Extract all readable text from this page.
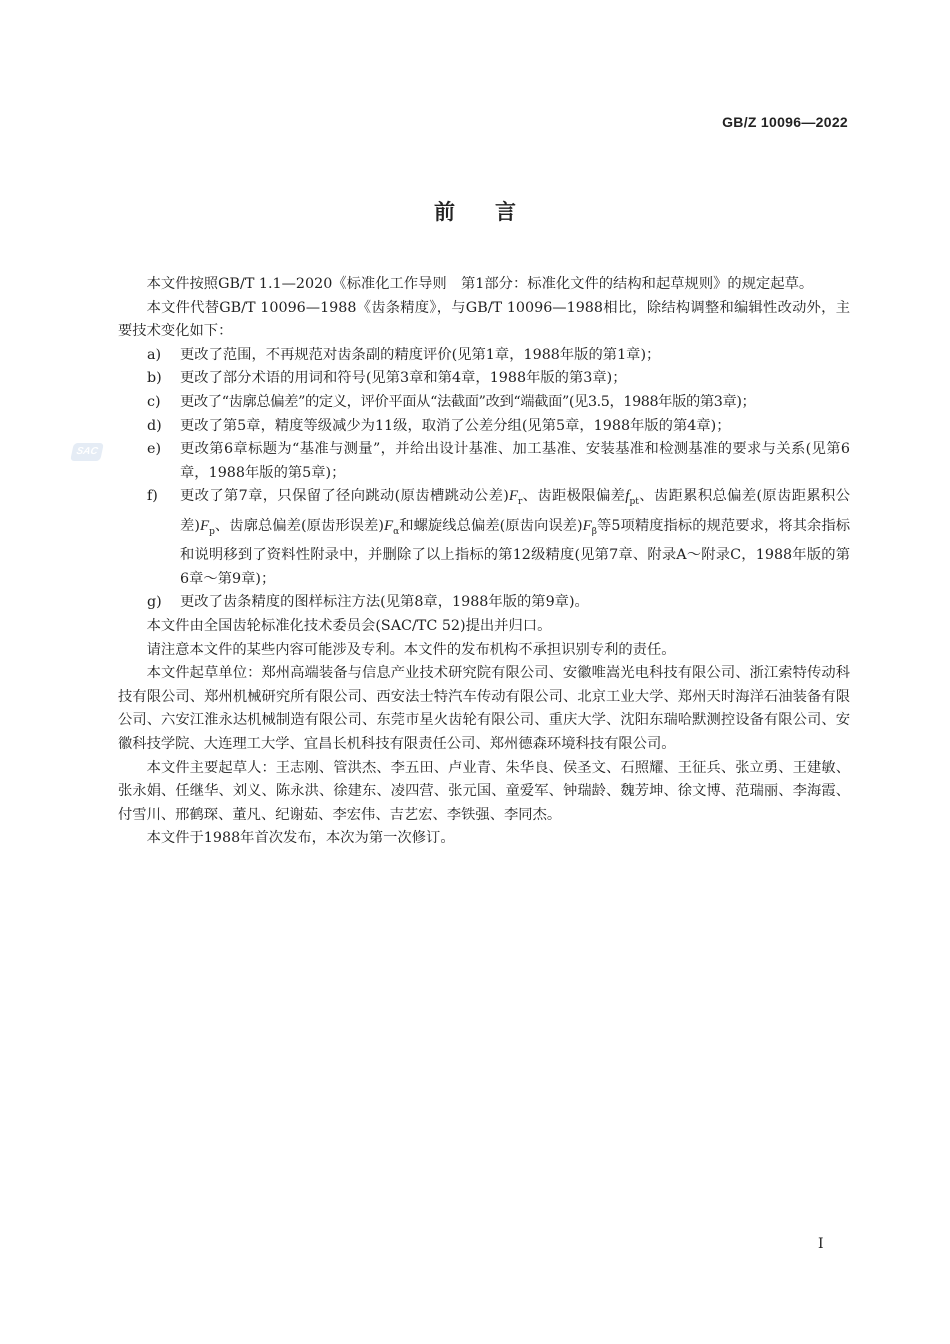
GB/Z 10096—2022
前言
SAC

本文件按照GB/T 1.1—2020《标准化工作导则　第1部分：标准化文件的结构和起草规则》的规定起草。

本文件代替GB/T 10096—1988《齿条精度》，与GB/T 10096—1988相比，除结构调整和编辑性改动外，主要技术变化如下：

a)	更改了范围，不再规范对齿条副的精度评价(见第1章，1988年版的第1章)；
b)	更改了部分术语的用词和符号(见第3章和第4章，1988年版的第3章)；
c)	更改了“齿廓总偏差”的定义，评价平面从“法截面”改到“端截面”(见3.5，1988年版的第3章)；
d)	更改了第5章，精度等级减少为11级，取消了公差分组(见第5章，1988年版的第4章)；
e)	更改第6章标题为“基准与测量”，并给出设计基准、加工基准、安装基准和检测基准的要求与关系(见第6章，1988年版的第5章)；
f)	更改了第7章，只保留了径向跳动(原齿槽跳动公差)$F_r$、齿距极限偏差$f_{pt}$、齿距累积总偏差(原齿距累积公差)$F_p$、齿廓总偏差(原齿形误差)$F_\alpha$和螺旋线总偏差(原齿向误差)$F_\beta$等5项精度指标的规范要求，将其余指标和说明移到了资料性附录中，并删除了以上指标的第12级精度(见第7章、附录A～附录C，1988年版的第6章～第9章)；
g)	更改了齿条精度的图样标注方法(见第8章，1988年版的第9章)。

本文件由全国齿轮标准化技术委员会(SAC/TC 52)提出并归口。

请注意本文件的某些内容可能涉及专利。本文件的发布机构不承担识别专利的责任。

本文件起草单位：郑州高端装备与信息产业技术研究院有限公司、安徽唯嵩光电科技有限公司、浙江索特传动科技有限公司、郑州机械研究所有限公司、西安法士特汽车传动有限公司、北京工业大学、郑州天时海洋石油装备有限公司、六安江淮永达机械制造有限公司、东莞市星火齿轮有限公司、重庆大学、沈阳东瑞哈默测控设备有限公司、安徽科技学院、大连理工大学、宜昌长机科技有限责任公司、郑州德森环境科技有限公司。

本文件主要起草人：王志刚、管洪杰、李五田、卢业青、朱华良、侯圣文、石照耀、王征兵、张立勇、王建敏、张永娟、任继华、刘义、陈永洪、徐建东、凌四营、张元国、童爱军、钟瑞龄、魏芳坤、徐文博、范瑞丽、李海霞、付雪川、邢鹤琛、董凡、纪谢茹、李宏伟、吉艺宏、李铁强、李同杰。

本文件于1988年首次发布，本次为第一次修订。

I
